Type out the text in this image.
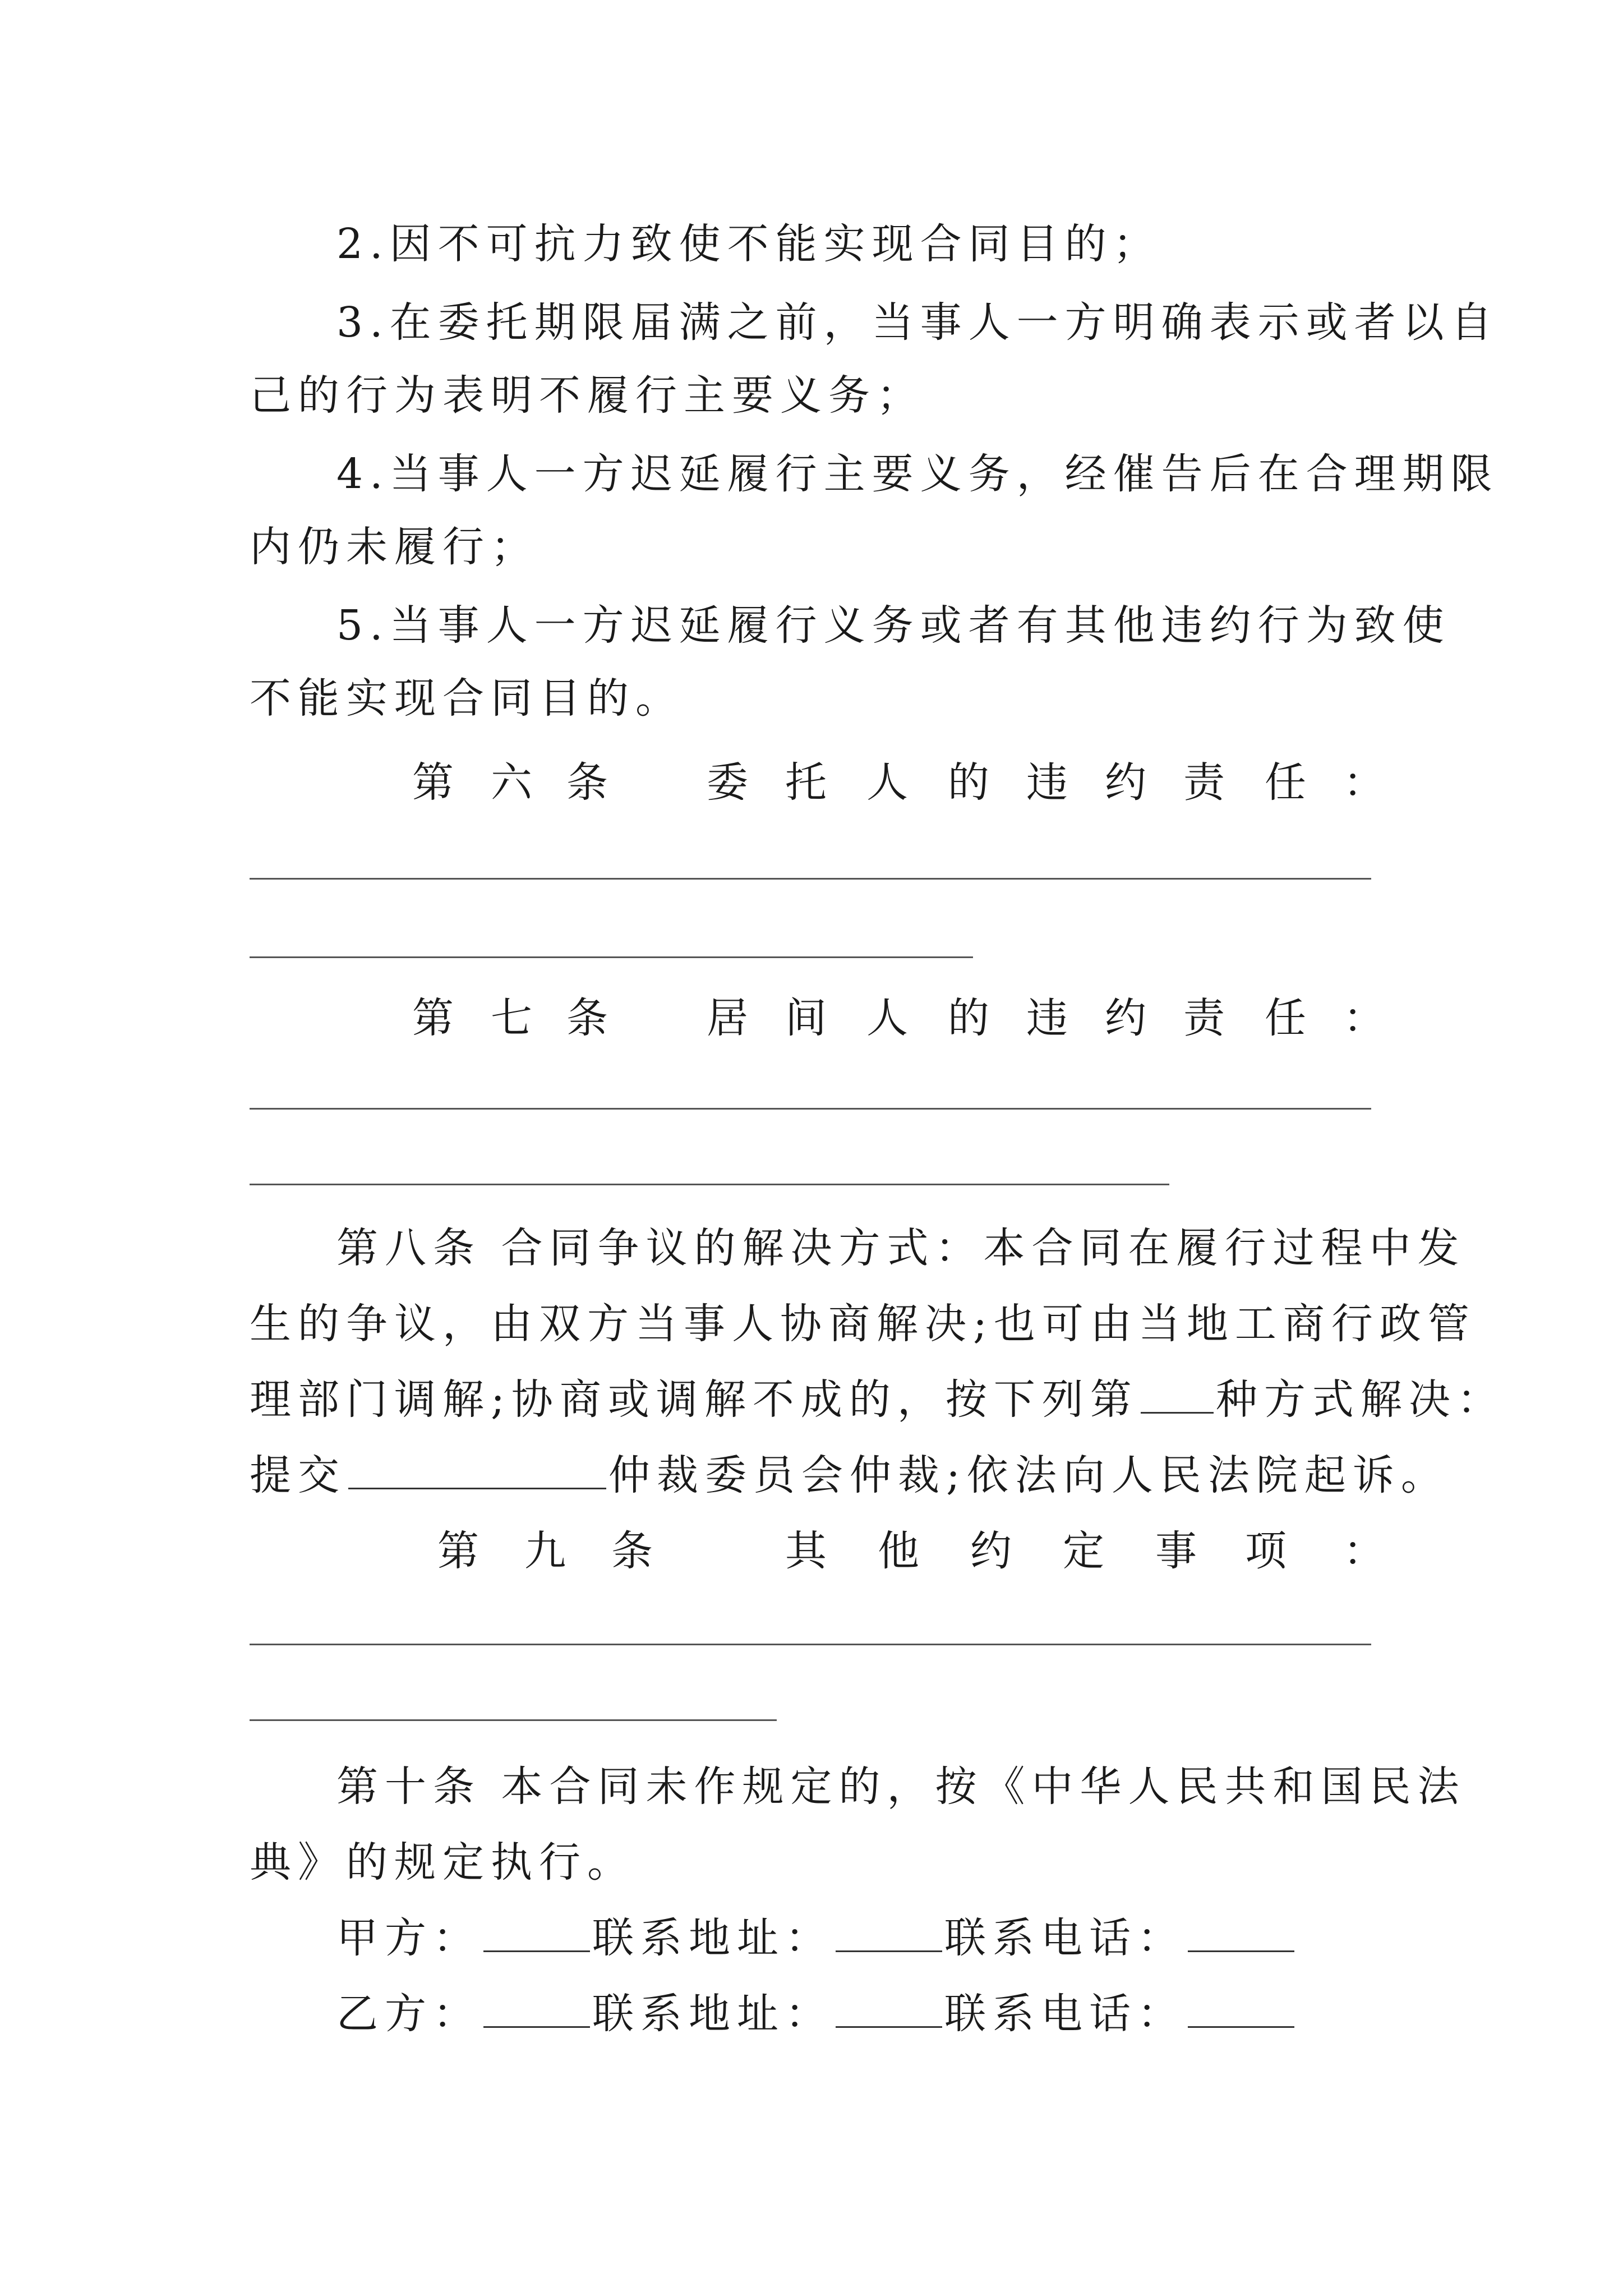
2.因不可抗力致使不能实现合同目的；
3.在委托期限届满之前，当事人一方明确表示或者以自
己的行为表明不履行主要义务；
4.当事人一方迟延履行主要义务，经催告后在合理期限
内仍未履行；
5.当事人一方迟延履行义务或者有其他违约行为致使
不能实现合同目的。
第 六 条 委 托 人 的 违 约 责 任 ：
第 七 条 居 间 人 的 违 约 责 任 ：
第八条 合同争议的解决方式：本合同在履行过程中发
生的争议，由双方当事人协商解决;也可由当地工商行政管
理部门调解;协商或调解不成的，按下列第 种方式解决：
提交	仲裁委员会仲裁;依法向人民法院起诉。
第 九 条	其 他 约 定 事 项 ：
第十条 本合同未作规定的，按《中华人民共和国民法
典》的规定执行。
甲方：	联系地址：	联系电话：
乙方：	联系地址：	联系电话：
